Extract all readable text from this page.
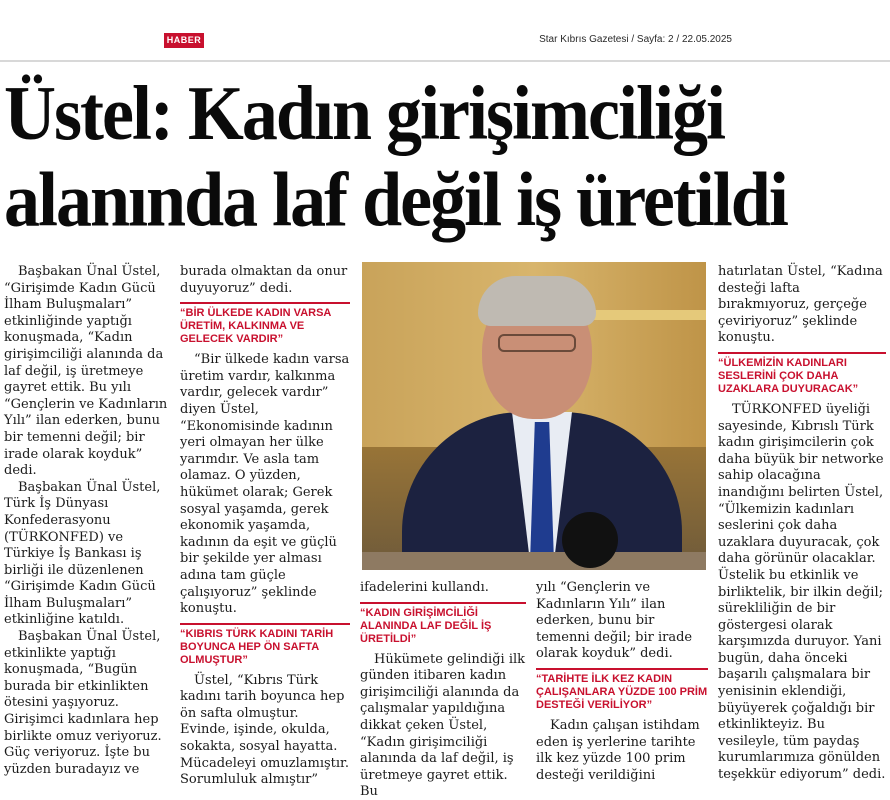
HABER	Star Kıbrıs Gazetesi / Sayfa: 2 / 22.05.2025
Üstel: Kadın girişimciliği
alanında laf değil iş üretildi

Başbakan Ünal Üstel, “Girişimde Kadın Gücü İlham Buluşmaları” etkinliğinde yaptığı konuşmada, “Kadın girişimciliği alanında da laf değil, iş üretmeye gayret ettik. Bu yılı “Gençlerin ve Kadınların Yılı” ilan ederken, bunu bir temenni değil; bir irade olarak koyduk” dedi.

Başbakan Ünal Üstel, Türk İş Dünyası Konfederasyonu (TÜRKONFED) ve Türkiye İş Bankası iş birliği ile düzenlenen “Girişimde Kadın Gücü İlham Buluşmaları” etkinliğine katıldı.

Başbakan Ünal Üstel, etkinlikte yaptığı konuşmada, “Bugün burada bir etkinlikten ötesini yaşıyoruz. Girişimci kadınlara hep birlikte omuz veriyoruz. Güç veriyoruz. İşte bu yüzden buradayız ve

burada olmaktan da onur duyuyoruz” dedi.

“BİR ÜLKEDE KADIN VARSA ÜRETİM, KALKINMA VE GELECEK VARDIR”

“Bir ülkede kadın varsa üretim vardır, kalkınma vardır, gelecek vardır” diyen Üstel, “Ekonomisinde kadının yeri olmayan her ülke yarımdır. Ve asla tam olamaz. O yüzden, hükümet olarak; Gerek sosyal yaşamda, gerek ekonomik yaşamda, kadının da eşit ve güçlü bir şekilde yer alması adına tam güçle çalışıyoruz” şeklinde konuştu.

“KIBRIS TÜRK KADINI TARİH BOYUNCA HEP ÖN SAFTA OLMUŞTUR”

Üstel, “Kıbrıs Türk kadını tarih boyunca hep ön safta olmuştur. Evinde, işinde, okulda, sokakta, sosyal hayatta. Mücadeleyi omuzlamıştır. Sorumluluk almıştır”

ifadelerini kullandı.

“KADIN GİRİŞİMCİLİĞİ ALANINDA LAF DEĞİL İŞ ÜRETİLDİ”

Hükümete gelindiği ilk günden itibaren kadın girişimciliği alanında da çalışmalar yapıldığına dikkat çeken Üstel, “Kadın girişimciliği alanında da laf değil, iş üretmeye gayret ettik. Bu

yılı “Gençlerin ve Kadınların Yılı” ilan ederken, bunu bir temenni değil; bir irade olarak koyduk” dedi.

“TARİHTE İLK KEZ KADIN ÇALIŞANLARA YÜZDE 100 PRİM DESTEĞİ VERİLİYOR”

Kadın çalışan istihdam eden iş yerlerine tarihte ilk kez yüzde 100 prim desteği verildiğini

hatırlatan Üstel, “Kadına desteği lafta bırakmıyoruz, gerçeğe çeviriyoruz” şeklinde konuştu.

“ÜLKEMİZİN KADINLARI SESLERİNİ ÇOK DAHA UZAKLARA DUYURACAK”

TÜRKONFED üyeliği sayesinde, Kıbrıslı Türk kadın girişimcilerin çok daha büyük bir networke sahip olacağına inandığını belirten Üstel, “Ülkemizin kadınları seslerini çok daha uzaklara duyuracak, çok daha görünür olacaklar. Üstelik bu etkinlik ve birliktelik, bir ilkin değil; sürekliliğin de bir göstergesi olarak karşımızda duruyor. Yani bugün, daha önceki başarılı çalışmalara bir yenisinin eklendiği, büyüyerek çoğaldığı bir etkinlikteyiz. Bu vesileyle, tüm paydaş kurumlarımıza gönülden teşekkür ediyorum” dedi.
